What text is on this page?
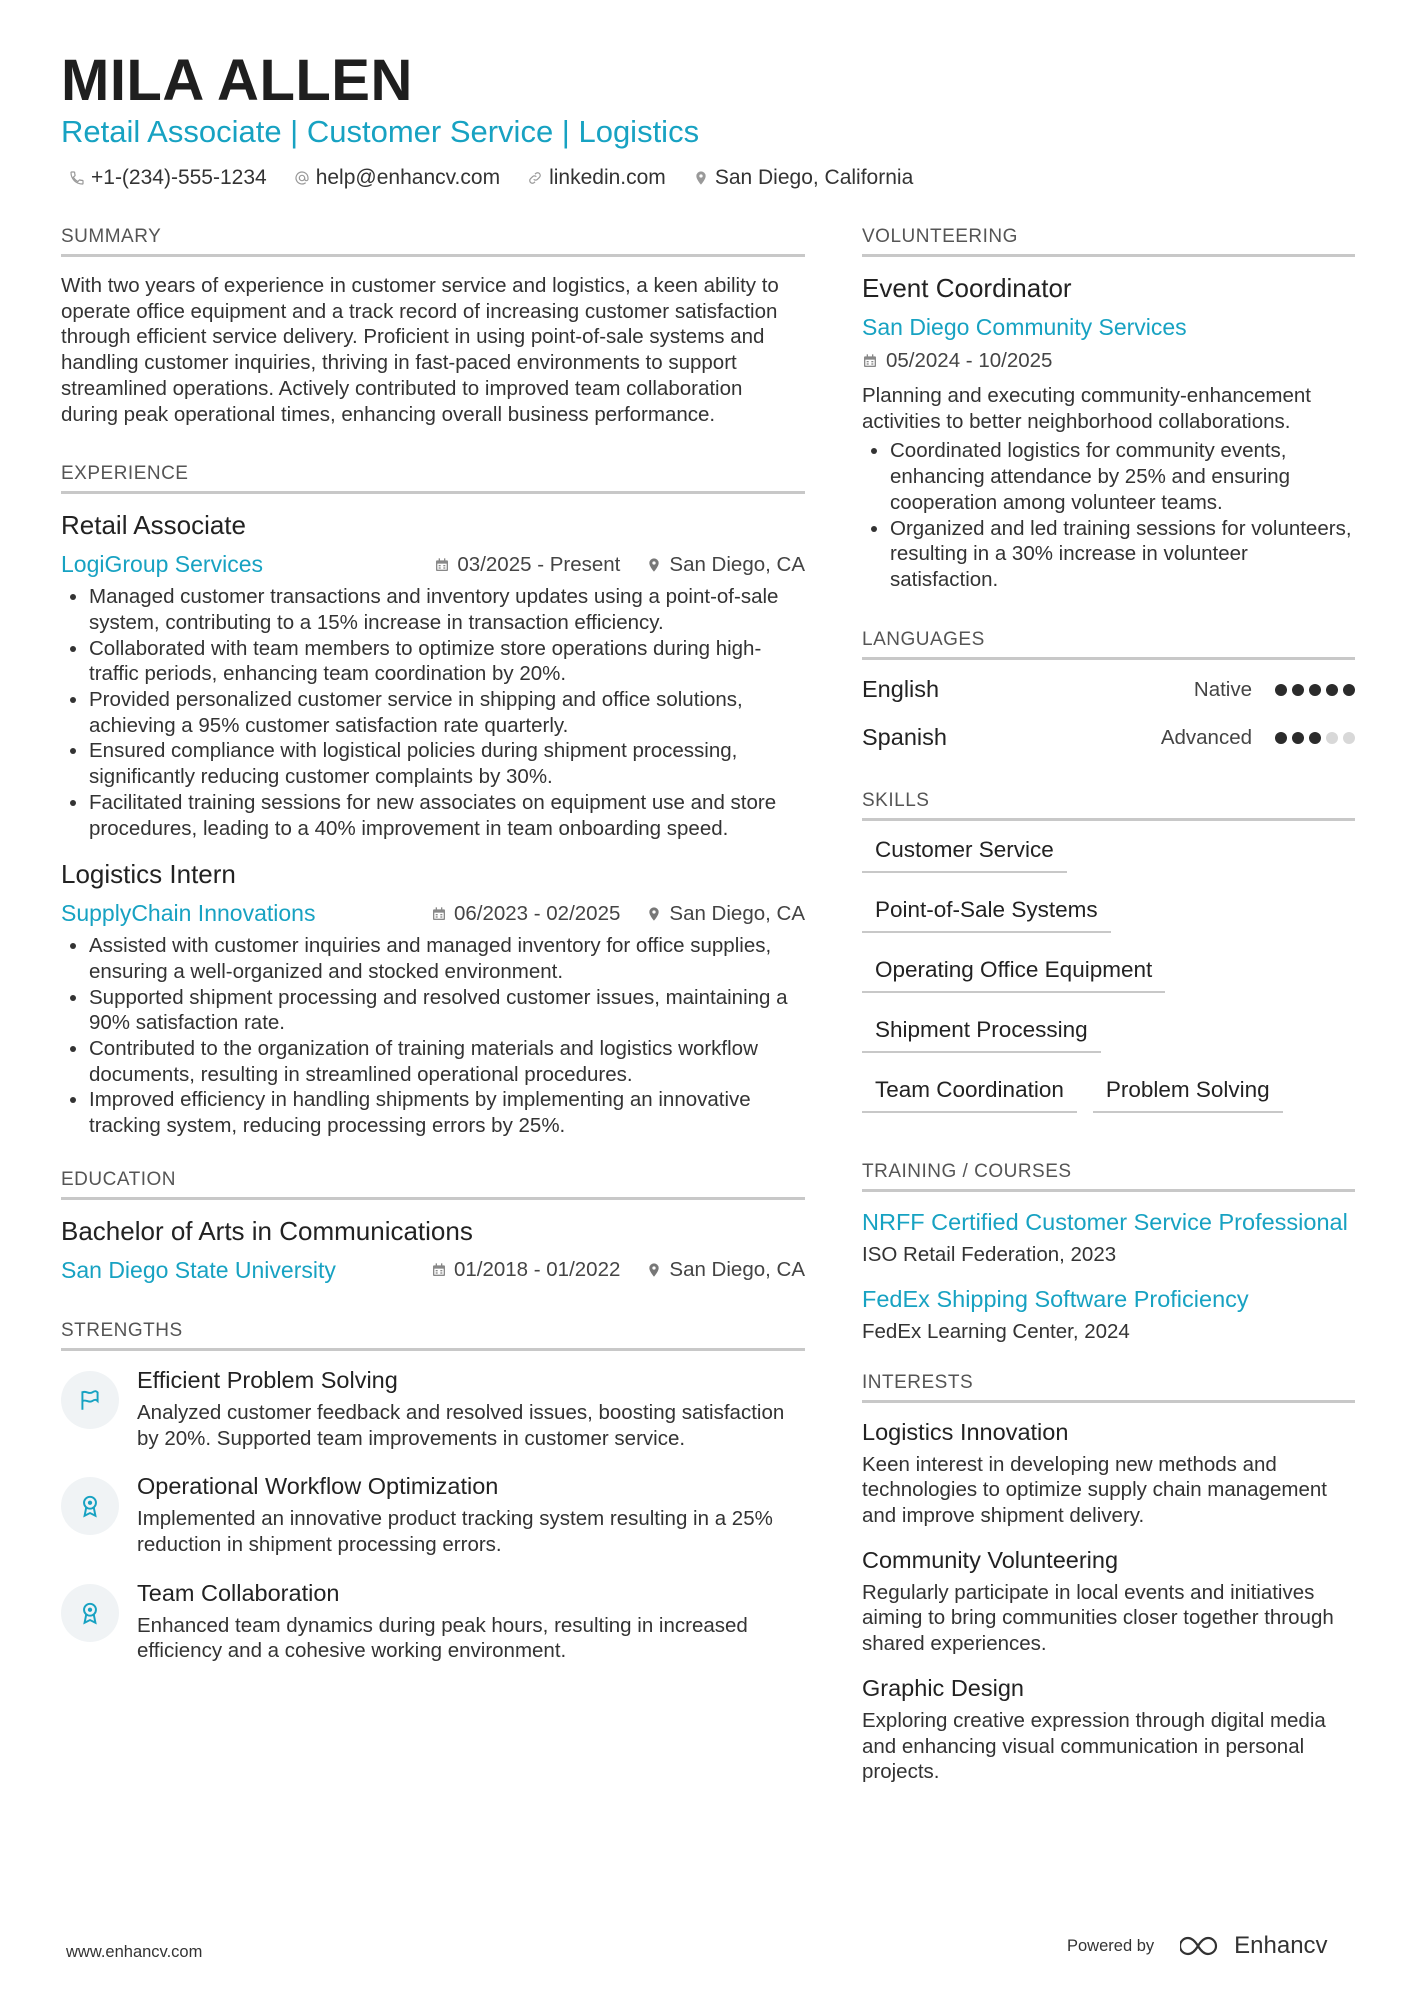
MILA ALLEN
Retail Associate | Customer Service | Logistics
+1-(234)-555-1234 help@enhancv.com linkedin.com San Diego, California
SUMMARY
With two years of experience in customer service and logistics, a keen ability to operate office equipment and a track record of increasing customer satisfaction through efficient service delivery. Proficient in using point-of-sale systems and handling customer inquiries, thriving in fast-paced environments to support streamlined operations. Actively contributed to improved team collaboration during peak operational times, enhancing overall business performance.
EXPERIENCE
Retail Associate
LogiGroup Services	03/2025 - Present San Diego, CA
• Managed customer transactions and inventory updates using a point-of-sale system, contributing to a 15% increase in transaction efficiency.
• Collaborated with team members to optimize store operations during high-traffic periods, enhancing team coordination by 20%.
• Provided personalized customer service in shipping and office solutions, achieving a 95% customer satisfaction rate quarterly.
• Ensured compliance with logistical policies during shipment processing, significantly reducing customer complaints by 30%.
• Facilitated training sessions for new associates on equipment use and store procedures, leading to a 40% improvement in team onboarding speed.
Logistics Intern
SupplyChain Innovations	06/2023 - 02/2025 San Diego, CA
• Assisted with customer inquiries and managed inventory for office supplies, ensuring a well-organized and stocked environment.
• Supported shipment processing and resolved customer issues, maintaining a 90% satisfaction rate.
• Contributed to the organization of training materials and logistics workflow documents, resulting in streamlined operational procedures.
• Improved efficiency in handling shipments by implementing an innovative tracking system, reducing processing errors by 25%.
EDUCATION
Bachelor of Arts in Communications
San Diego State University	01/2018 - 01/2022 San Diego, CA
STRENGTHS
Efficient Problem Solving
Analyzed customer feedback and resolved issues, boosting satisfaction by 20%. Supported team improvements in customer service.
Operational Workflow Optimization
Implemented an innovative product tracking system resulting in a 25% reduction in shipment processing errors.
Team Collaboration
Enhanced team dynamics during peak hours, resulting in increased efficiency and a cohesive working environment.
VOLUNTEERING
Event Coordinator
San Diego Community Services
05/2024 - 10/2025
Planning and executing community-enhancement activities to better neighborhood collaborations.
• Coordinated logistics for community events, enhancing attendance by 25% and ensuring cooperation among volunteer teams.
• Organized and led training sessions for volunteers, resulting in a 30% increase in volunteer satisfaction.
LANGUAGES
English	Native
Spanish	Advanced
SKILLS
Customer Service
Point-of-Sale Systems
Operating Office Equipment
Shipment Processing
Team Coordination	Problem Solving
TRAINING / COURSES
NRFF Certified Customer Service Professional
ISO Retail Federation, 2023
FedEx Shipping Software Proficiency
FedEx Learning Center, 2024
INTERESTS
Logistics Innovation
Keen interest in developing new methods and technologies to optimize supply chain management and improve shipment delivery.
Community Volunteering
Regularly participate in local events and initiatives aiming to bring communities closer together through shared experiences.
Graphic Design
Exploring creative expression through digital media and enhancing visual communication in personal projects.
www.enhancv.com	Powered by	Enhancv
